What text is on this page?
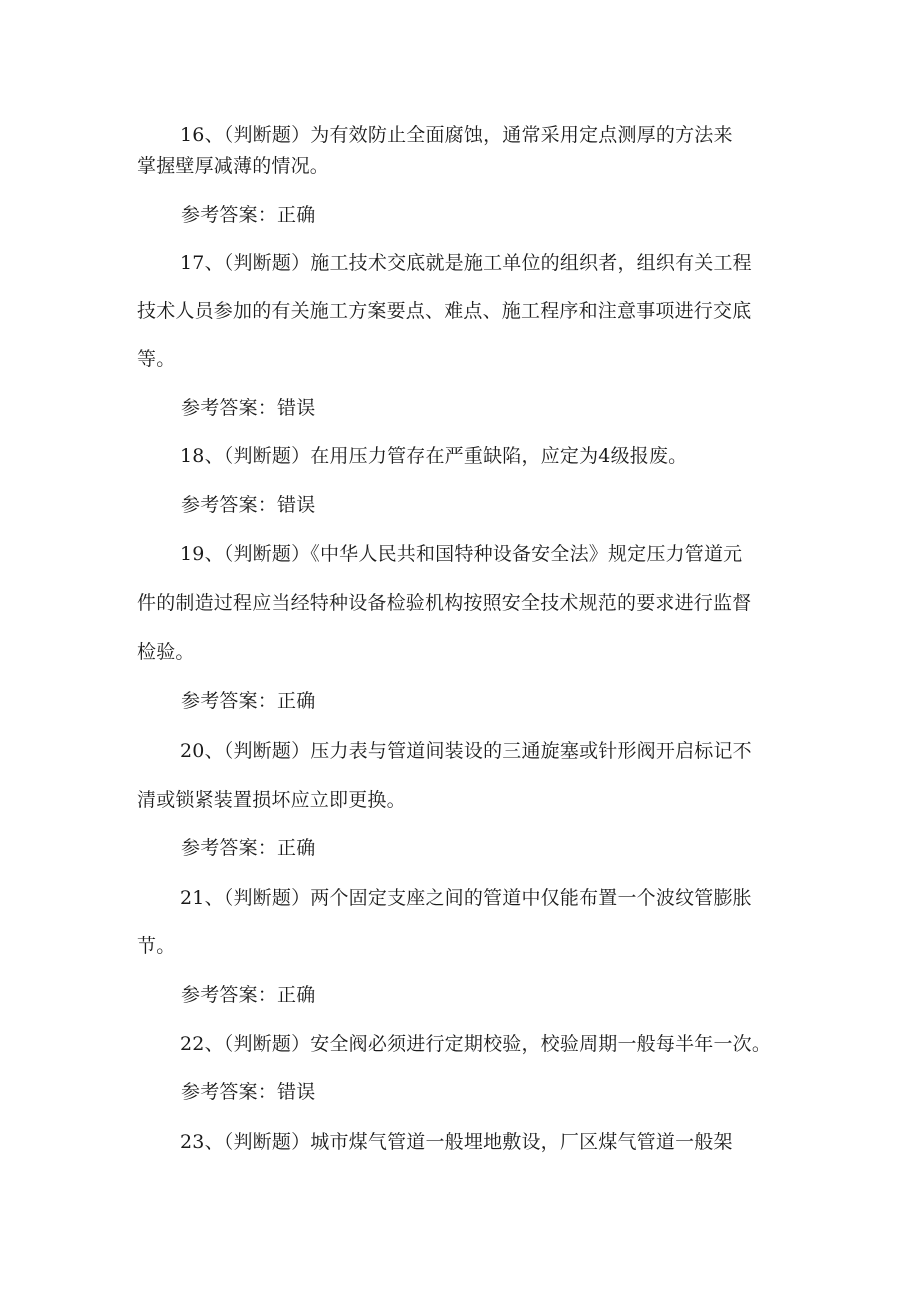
16、（判断题）为有效防止全面腐蚀，通常采用定点测厚的方法来
掌握壁厚减薄的情况。
参考答案：正确
17、（判断题）施工技术交底就是施工单位的组织者，组织有关工程
技术人员参加的有关施工方案要点、难点、施工程序和注意事项进行交底
等。
参考答案：错误
18、（判断题）在用压力管存在严重缺陷，应定为4级报废。
参考答案：错误
19、（判断题）《中华人民共和国特种设备安全法》规定压力管道元
件的制造过程应当经特种设备检验机构按照安全技术规范的要求进行监督
检验。
参考答案：正确
20、（判断题）压力表与管道间装设的三通旋塞或针形阀开启标记不
清或锁紧装置损坏应立即更换。
参考答案：正确
21、（判断题）两个固定支座之间的管道中仅能布置一个波纹管膨胀
节。
参考答案：正确
22、（判断题）安全阀必须进行定期校验，校验周期一般每半年一次。
参考答案：错误
23、（判断题）城市煤气管道一般埋地敷设，厂区煤气管道一般架
